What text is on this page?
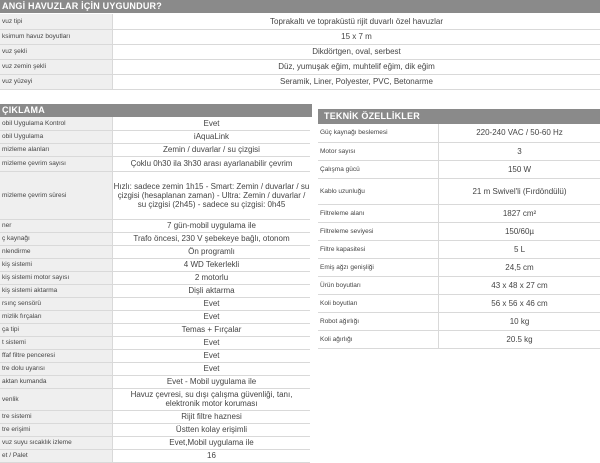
ANGİ HAVUZLAR İÇİN UYGUNDUR?
vuz tipi	Toprakaltı ve topraküstü rijit duvarlı özel havuzlar
ksimum havuz boyutları	15 x 7 m
vuz şekli	Dikdörtgen, oval, serbest
vuz zemin şekli	Düz, yumuşak eğim, muhtelif eğim, dik eğim
vuz yüzeyi	Seramik, Liner, Polyester, PVC, Betonarme
ÇIKLAMA
obil Uygulama Kontrol	Evet
obil Uygulama	iAquaLink
mizleme alanları	Zemin / duvarlar / su çizgisi
mizleme çevrim sayısı	Çoklu 0h30 ila 3h30 arası ayarlanabilir çevrim
mizleme çevrim süresi	Hızlı: sadece zemin 1h15 - Smart: Zemin / duvarlar / su çizgisi (hesaplanan zaman) - Ultra: Zemin / duvarlar / su çizgisi (2h45) - sadece su çizgisi: 0h45
ner	7 gün-mobil uygulama ile
ç kaynağı	Trafo öncesi, 230 V şebekeye bağlı, otonom
nlendirme	Ön programlı
kiş sistemi	4 WD Tekerlekli
kiş sistemi motor sayısı	2 motorlu
kiş sistemi aktarma	Dişli aktarma
rsınç sensörü	Evet
mizlik fırçaları	Evet
ça tipi	Temas + Fırçalar
t sistemi	Evet
ffaf filtre penceresi	Evet
tre dolu uyarısı	Evet
aktan kumanda	Evet - Mobil uygulama ile
venlik	Havuz çevresi, su dışı çalışma güvenliği, tanı, elektronik motor koruması
tre sistemi	Rijit filtre haznesi
tre erişimi	Üstten kolay erişimli
vuz suyu sıcaklık izleme	Evet,Mobil uygulama ile
et / Palet	16
TEKNİK ÖZELLİKLER
Güç kaynağı beslemesi	220-240 VAC / 50-60 Hz
Motor sayısı	3
Çalışma gücü	150 W
Kablo uzunluğu	21 m Swivel'li (Fırdöndülü)
Filtreleme alanı	1827 cm²
Filtreleme seviyesi	150/60µ
Filtre kapasitesi	5 L
Emiş ağzı genişliği	24,5 cm
Ürün boyutları	43 x 48 x 27 cm
Koli boyutları	56 x 56 x 46 cm
Robot ağırlığı	10 kg
Koli ağırlığı	20.5 kg
